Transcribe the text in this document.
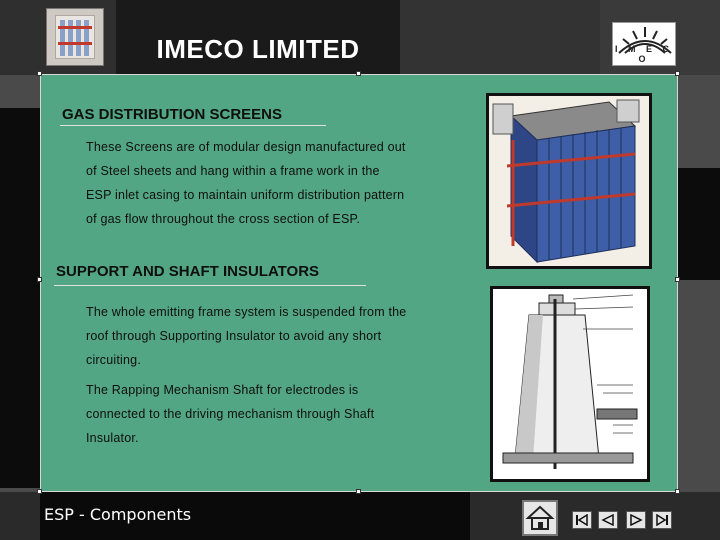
IMECO LIMITED	I M E C O
GAS DISTRIBUTION SCREENS
These Screens are of modular design manufactured out
of Steel sheets and hang within a frame work in the
ESP inlet casing to maintain uniform distribution pattern
of gas flow throughout the cross section of ESP.
SUPPORT AND SHAFT INSULATORS
The whole emitting frame system is suspended from the
roof through Supporting Insulator to avoid any short
circuiting.
The Rapping Mechanism Shaft for electrodes is
connected to the driving mechanism through Shaft
Insulator.
ESP - Components
